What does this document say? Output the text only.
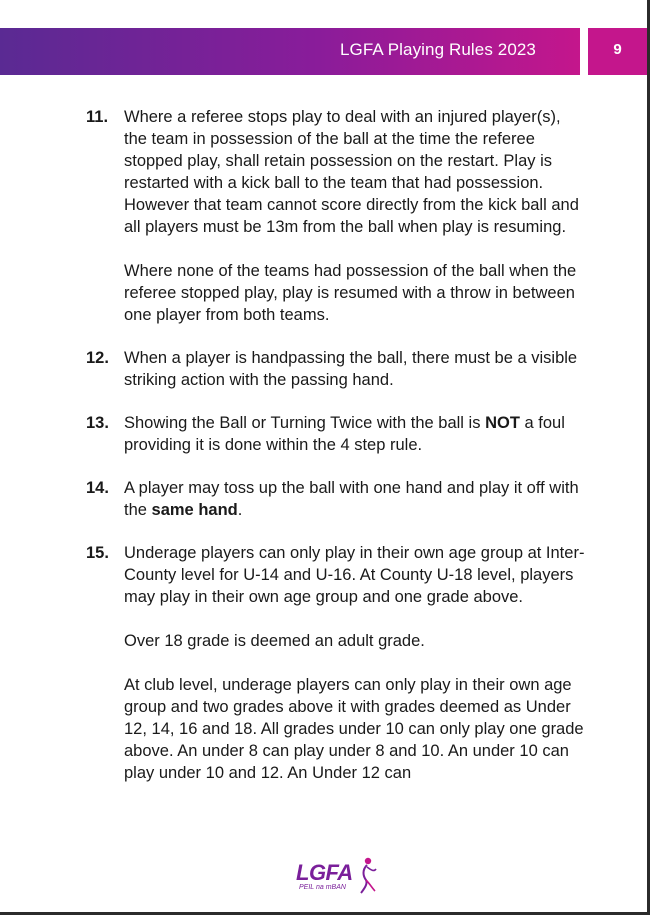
LGFA Playing Rules 2023	9
11. Where a referee stops play to deal with an injured player(s), the team in possession of the ball at the time the referee stopped play, shall retain possession on the restart. Play is restarted with a kick ball to the team that had possession. However that team cannot score directly from the kick ball and all players must be 13m from the ball when play is resuming.

Where none of the teams had possession of the ball when the referee stopped play, play is resumed with a throw in between one player from both teams.

12. When a player is handpassing the ball, there must be a visible striking action with the passing hand.

13. Showing the Ball or Turning Twice with the ball is NOT a foul providing it is done within the 4 step rule.

14. A player may toss up the ball with one hand and play it off with the same hand.

15. Underage players can only play in their own age group at Inter-County level for U-14 and U-16. At County U-18 level, players may play in their own age group and one grade above.

Over 18 grade is deemed an adult grade.

At club level, underage players can only play in their own age group and two grades above it with grades deemed as Under 12, 14, 16 and 18. All grades under 10 can only play one grade above. An under 8 can play under 8 and 10. An under 10 can play under 10 and 12. An Under 12 can

LGFA
PEIL na mBAN
